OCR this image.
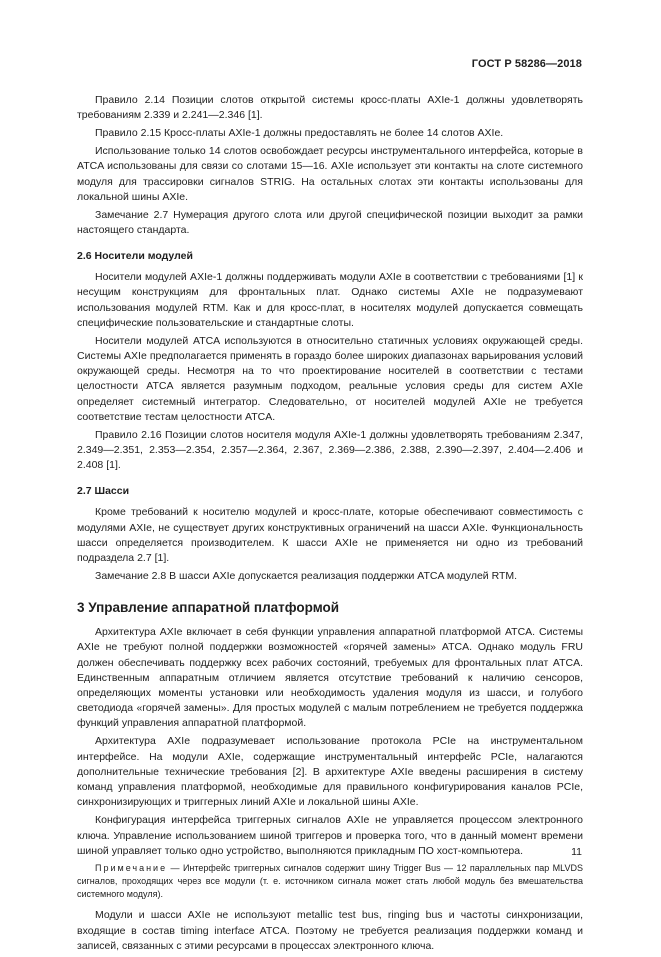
ГОСТ Р 58286—2018

Правило 2.14 Позиции слотов открытой системы кросс-платы AXIe-1 должны удовлетворять требованиям 2.339 и 2.241—2.346 [1].

Правило 2.15 Кросс-платы AXIe-1 должны предоставлять не более 14 слотов AXIe.

Использование только 14 слотов освобождает ресурсы инструментального интерфейса, которые в ATCA использованы для связи со слотами 15—16. AXIe использует эти контакты на слоте системного модуля для трассировки сигналов STRIG. На остальных слотах эти контакты использованы для локальной шины AXIe.

Замечание 2.7 Нумерация другого слота или другой специфической позиции выходит за рамки настоящего стандарта.

2.6 Носители модулей

Носители модулей AXIe-1 должны поддерживать модули AXIe в соответствии с требованиями [1] к несущим конструкциям для фронтальных плат. Однако системы AXIe не подразумевают использования модулей RTM. Как и для кросс-плат, в носителях модулей допускается совмещать специфические пользовательские и стандартные слоты.

Носители модулей ATCA используются в относительно статичных условиях окружающей среды. Системы AXIe предполагается применять в гораздо более широких диапазонах варьирования условий окружающей среды. Несмотря на то что проектирование носителей в соответствии с тестами целостности ATCA является разумным подходом, реальные условия среды для систем AXIe определяет системный интегратор. Следовательно, от носителей модулей AXIe не требуется соответствие тестам целостности ATCA.

Правило 2.16 Позиции слотов носителя модуля AXIe-1 должны удовлетворять требованиям 2.347, 2.349—2.351, 2.353—2.354, 2.357—2.364, 2.367, 2.369—2.386, 2.388, 2.390—2.397, 2.404—2.406 и 2.408 [1].

2.7 Шасси

Кроме требований к носителю модулей и кросс-плате, которые обеспечивают совместимость с модулями AXIe, не существует других конструктивных ограничений на шасси AXIe. Функциональность шасси определяется производителем. К шасси AXIe не применяется ни одно из требований подраздела 2.7 [1].

Замечание 2.8 В шасси AXIe допускается реализация поддержки ATCA модулей RTM.

3 Управление аппаратной платформой

Архитектура AXIe включает в себя функции управления аппаратной платформой ATCA. Системы AXIe не требуют полной поддержки возможностей «горячей замены» ATCA. Однако модуль FRU должен обеспечивать поддержку всех рабочих состояний, требуемых для фронтальных плат ATCA. Единственным аппаратным отличием является отсутствие требований к наличию сенсоров, определяющих моменты установки или необходимость удаления модуля из шасси, и голубого светодиода «горячей замены». Для простых модулей с малым потреблением не требуется поддержка функций управления аппаратной платформой.

Архитектура AXIe подразумевает использование протокола PCIe на инструментальном интерфейсе. На модули AXIe, содержащие инструментальный интерфейс PCIe, налагаются дополнительные технические требования [2]. В архитектуре AXIe введены расширения в систему команд управления платформой, необходимые для правильного конфигурирования каналов PCIe, синхронизирующих и триггерных линий AXIe и локальной шины AXIe.

Конфигурация интерфейса триггерных сигналов AXIe не управляется процессом электронного ключа. Управление использованием шиной триггеров и проверка того, что в данный момент времени шиной управляет только одно устройство, выполняются прикладным ПО хост-компьютера.

Примечание — Интерфейс триггерных сигналов содержит шину Trigger Bus — 12 параллельных пар MLVDS сигналов, проходящих через все модули (т. е. источником сигнала может стать любой модуль без вмешательства системного модуля).

Модули и шасси AXIe не используют metallic test bus, ringing bus и частоты синхронизации, входящие в состав timing interface ATCA. Поэтому не требуется реализация поддержки команд и записей, связанных с этими ресурсами в процессах электронного ключа.

11
